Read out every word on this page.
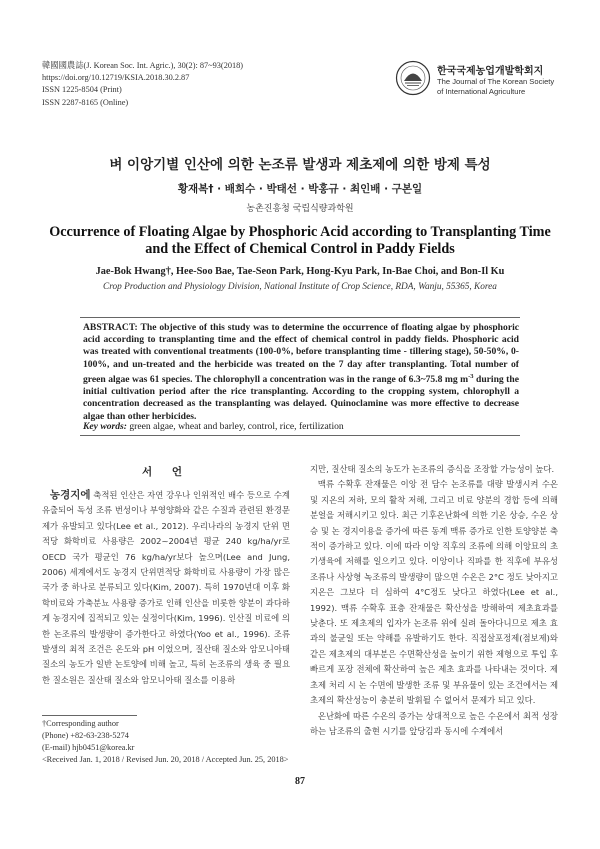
韓國國農誌(J. Korean Soc. Int. Agric.), 30(2): 87~93(2018)
https://doi.org/10.12719/KSIA.2018.30.2.87
ISSN 1225-8504 (Print)
ISSN 2287-8165 (Online)
한국국제농업개발학회지
The Journal of The Korean Society
of International Agriculture
벼 이앙기별 인산에 의한 논조류 발생과 제초제에 의한 방제 특성
황재복† · 배희수 · 박태선 · 박홍규 · 최인배 · 구본일
농촌진흥청 국립식량과학원
Occurrence of Floating Algae by Phosphoric Acid according to Transplanting Time
and the Effect of Chemical Control in Paddy Fields
Jae-Bok Hwang†, Hee-Soo Bae, Tae-Seon Park, Hong-Kyu Park, In-Bae Choi, and Bon-Il Ku
Crop Production and Physiology Division, National Institute of Crop Science, RDA, Wanju, 55365, Korea
ABSTRACT: The objective of this study was to determine the occurrence of floating algae by phosphoric acid according to transplanting time and the effect of chemical control in paddy fields. Phosphoric acid was treated with conventional treatments (100-0%, before transplanting time - tillering stage), 50-50%, 0-100%, and un-treated and the herbicide was treated on the 7 day after transplanting. Total number of green algae was 61 species. The chlorophyll a concentration was in the range of 6.3~75.8 mg $m^{-3}$ during the initial cultivation period after the rice transplanting. According to the cropping system, chlorophyll a concentration decreased as the transplanting was delayed. Quinoclamine was more effective to decrease algae than other herbicides.
Key words: green algae, wheat and barley, control, rice, fertilization
서 언

농경지에 축적된 인산은 자연 강우나 인위적인 배수 등으로 수계 유출되어 독성 조류 번성이나 부영양화와 같은 수질과 관련된 환경문제가 유발되고 있다(Lee et al., 2012). 우리나라의 농경지 단위 면적당 화학비료 사용량은 2002~2004년 평균 240 kg/ha/yr로 OECD 국가 평균인 76 kg/ha/yr보다 높으며(Lee and Jung, 2006) 세계에서도 농경지 단위면적당 화학비료 사용량이 가장 많은 국가 중 하나로 분류되고 있다(Kim, 2007). 특히 1970년대 이후 화학비료와 가축분뇨 사용량 증가로 인해 인산을 비롯한 양분이 과다하게 농경지에 집적되고 있는 실정이다(Kim, 1996). 인산질 비료에 의한 논조류의 발생량이 증가한다고 하였다(Yoo et al., 1996). 조류 발생의 최적 조건은 온도와 pH 이었으며, 질산태 질소와 암모니아태 질소의 농도가 일반 논토양에 비해 높고, 특히 논조류의 생육 중 필요한 질소원은 질산태 질소와 암모니아태 질소를 이용하

지만, 질산태 질소의 농도가 논조류의 증식을 조장할 가능성이 높다.

맥류 수확후 잔재물은 이앙 전 담수 논조류를 대량 발생시켜 수온 및 지온의 저하, 모의 활착 저해, 그리고 비료 양분의 경합 등에 의해 분얼을 저해시키고 있다. 최근 기후온난화에 의한 기온 상승, 수온 상승 및 논 경지이용을 증가에 따른 동계 맥류 증가로 인한 토양양분 축적이 증가하고 있다. 이에 따라 이앙 직후의 조류에 의해 이앙묘의 초기생육에 저해를 일으키고 있다. 이앙이나 직파를 한 직후에 부유성 조류나 사상형 녹조류의 발생량이 많으면 수온은 2°C 정도 낮아지고 지온은 그보다 더 심하여 4°C정도 낮다고 하였다(Lee et al., 1992). 맥류 수확후 표층 잔재물은 확산성을 방해하여 제초효과를 낮춘다. 또 제초제의 입자가 논조류 위에 실려 돌아다니므로 제초 효과의 불균일 또는 약해를 유발하기도 한다. 직접살포정제(점보제)와 같은 제초제의 대부분은 수면확산성을 높이기 위한 제형으로 투입 후 빠르게 포장 전체에 확산하여 높은 제초 효과를 나타내는 것이다. 제초제 처리 시 논 수면에 발생한 조류 및 부유물이 있는 조건에서는 제초제의 확산성능이 충분히 발휘될 수 없어서 문제가 되고 있다.

온난화에 따른 수온의 증가는 상대적으로 높은 수온에서 최적 성장하는 남조류의 출현 시기를 앞당김과 동시에 수계에서

†Corresponding author
(Phone) +82-63-238-5274
(E-mail) hjb0451@korea.kr
<Received Jan. 1, 2018 / Revised Jun. 20, 2018 / Accepted Jun. 25, 2018>
87
